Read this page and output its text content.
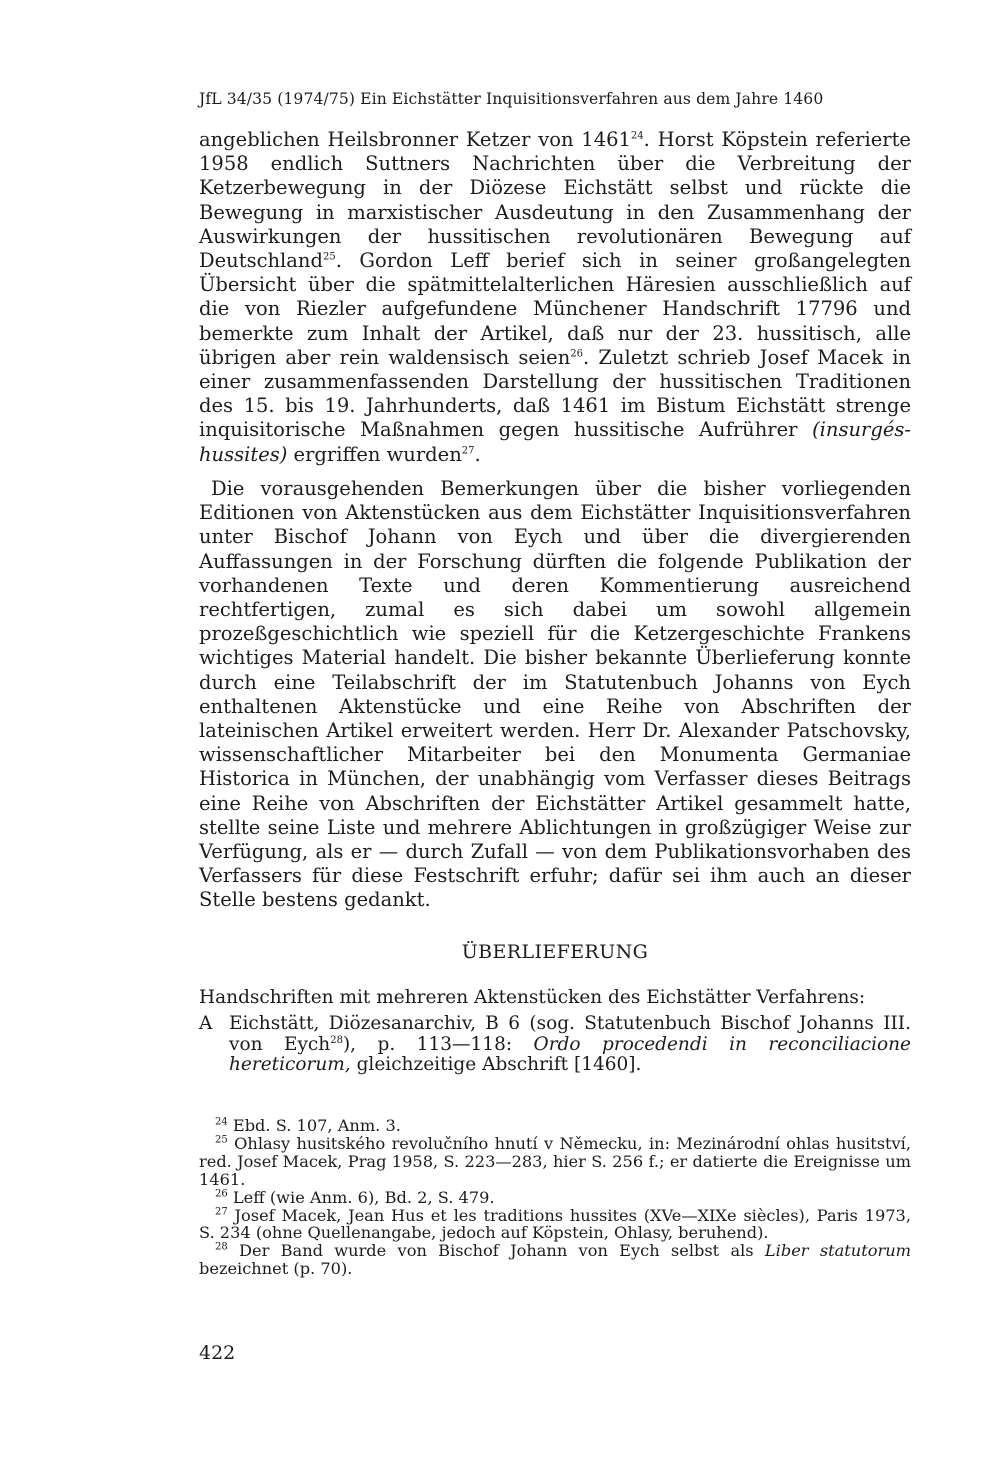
JfL 34/35 (1974/75) Ein Eichstätter Inquisitionsverfahren aus dem Jahre 1460

angeblichen Heilsbronner Ketzer von 1461$^{24}$. Horst Köpstein referierte 1958 endlich Suttners Nachrichten über die Verbreitung der Ketzerbewegung in der Diözese Eichstätt selbst und rückte die Bewegung in marxistischer Ausdeutung in den Zusammenhang der Auswirkungen der hussitischen revolutionären Bewegung auf Deutschland$^{25}$. Gordon Leff berief sich in seiner großangelegten Übersicht über die spätmittelalterlichen Häresien ausschließlich auf die von Riezler aufgefundene Münchener Handschrift 17796 und bemerkte zum Inhalt der Artikel, daß nur der 23. hussitisch, alle übrigen aber rein waldensisch seien$^{26}$. Zuletzt schrieb Josef Macek in einer zusammenfassenden Darstellung der hussitischen Traditionen des 15. bis 19. Jahrhunderts, daß 1461 im Bistum Eichstätt strenge inquisitorische Maßnahmen gegen hussitische Aufrührer (insurgés-hussites) ergriffen wurden$^{27}$.

Die vorausgehenden Bemerkungen über die bisher vorliegenden Editionen von Aktenstücken aus dem Eichstätter Inquisitionsverfahren unter Bischof Johann von Eych und über die divergierenden Auffassungen in der Forschung dürften die folgende Publikation der vorhandenen Texte und deren Kommentierung ausreichend rechtfertigen, zumal es sich dabei um sowohl allgemein prozeßgeschichtlich wie speziell für die Ketzergeschichte Frankens wichtiges Material handelt. Die bisher bekannte Überlieferung konnte durch eine Teilabschrift der im Statutenbuch Johanns von Eych enthaltenen Aktenstücke und eine Reihe von Abschriften der lateinischen Artikel erweitert werden. Herr Dr. Alexander Patschovsky, wissenschaftlicher Mitarbeiter bei den Monumenta Germaniae Historica in München, der unabhängig vom Verfasser dieses Beitrags eine Reihe von Abschriften der Eichstätter Artikel gesammelt hatte, stellte seine Liste und mehrere Ablichtungen in großzügiger Weise zur Verfügung, als er — durch Zufall — von dem Publikationsvorhaben des Verfassers für diese Festschrift erfuhr; dafür sei ihm auch an dieser Stelle bestens gedankt.

ÜBERLIEFERUNG
Handschriften mit mehreren Aktenstücken des Eichstätter Verfahrens:
A Eichstätt, Diözesanarchiv, B 6 (sog. Statutenbuch Bischof Johanns III. von Eych$^{28}$), p. 113—118: Ordo procedendi in reconciliacione hereticorum, gleichzeitige Abschrift [1460].

$^{24}$ Ebd. S. 107, Anm. 3.

$^{25}$ Ohlasy husitského revolučního hnutí v Německu, in: Mezinárodní ohlas husitství, red. Josef Macek, Prag 1958, S. 223—283, hier S. 256 f.; er datierte die Ereignisse um 1461.

$^{26}$ Leff (wie Anm. 6), Bd. 2, S. 479.

$^{27}$ Josef Macek, Jean Hus et les traditions hussites (XVe—XIXe siècles), Paris 1973, S. 234 (ohne Quellenangabe, jedoch auf Köpstein, Ohlasy, beruhend).

$^{28}$ Der Band wurde von Bischof Johann von Eych selbst als Liber statutorum bezeichnet (p. 70).

422
